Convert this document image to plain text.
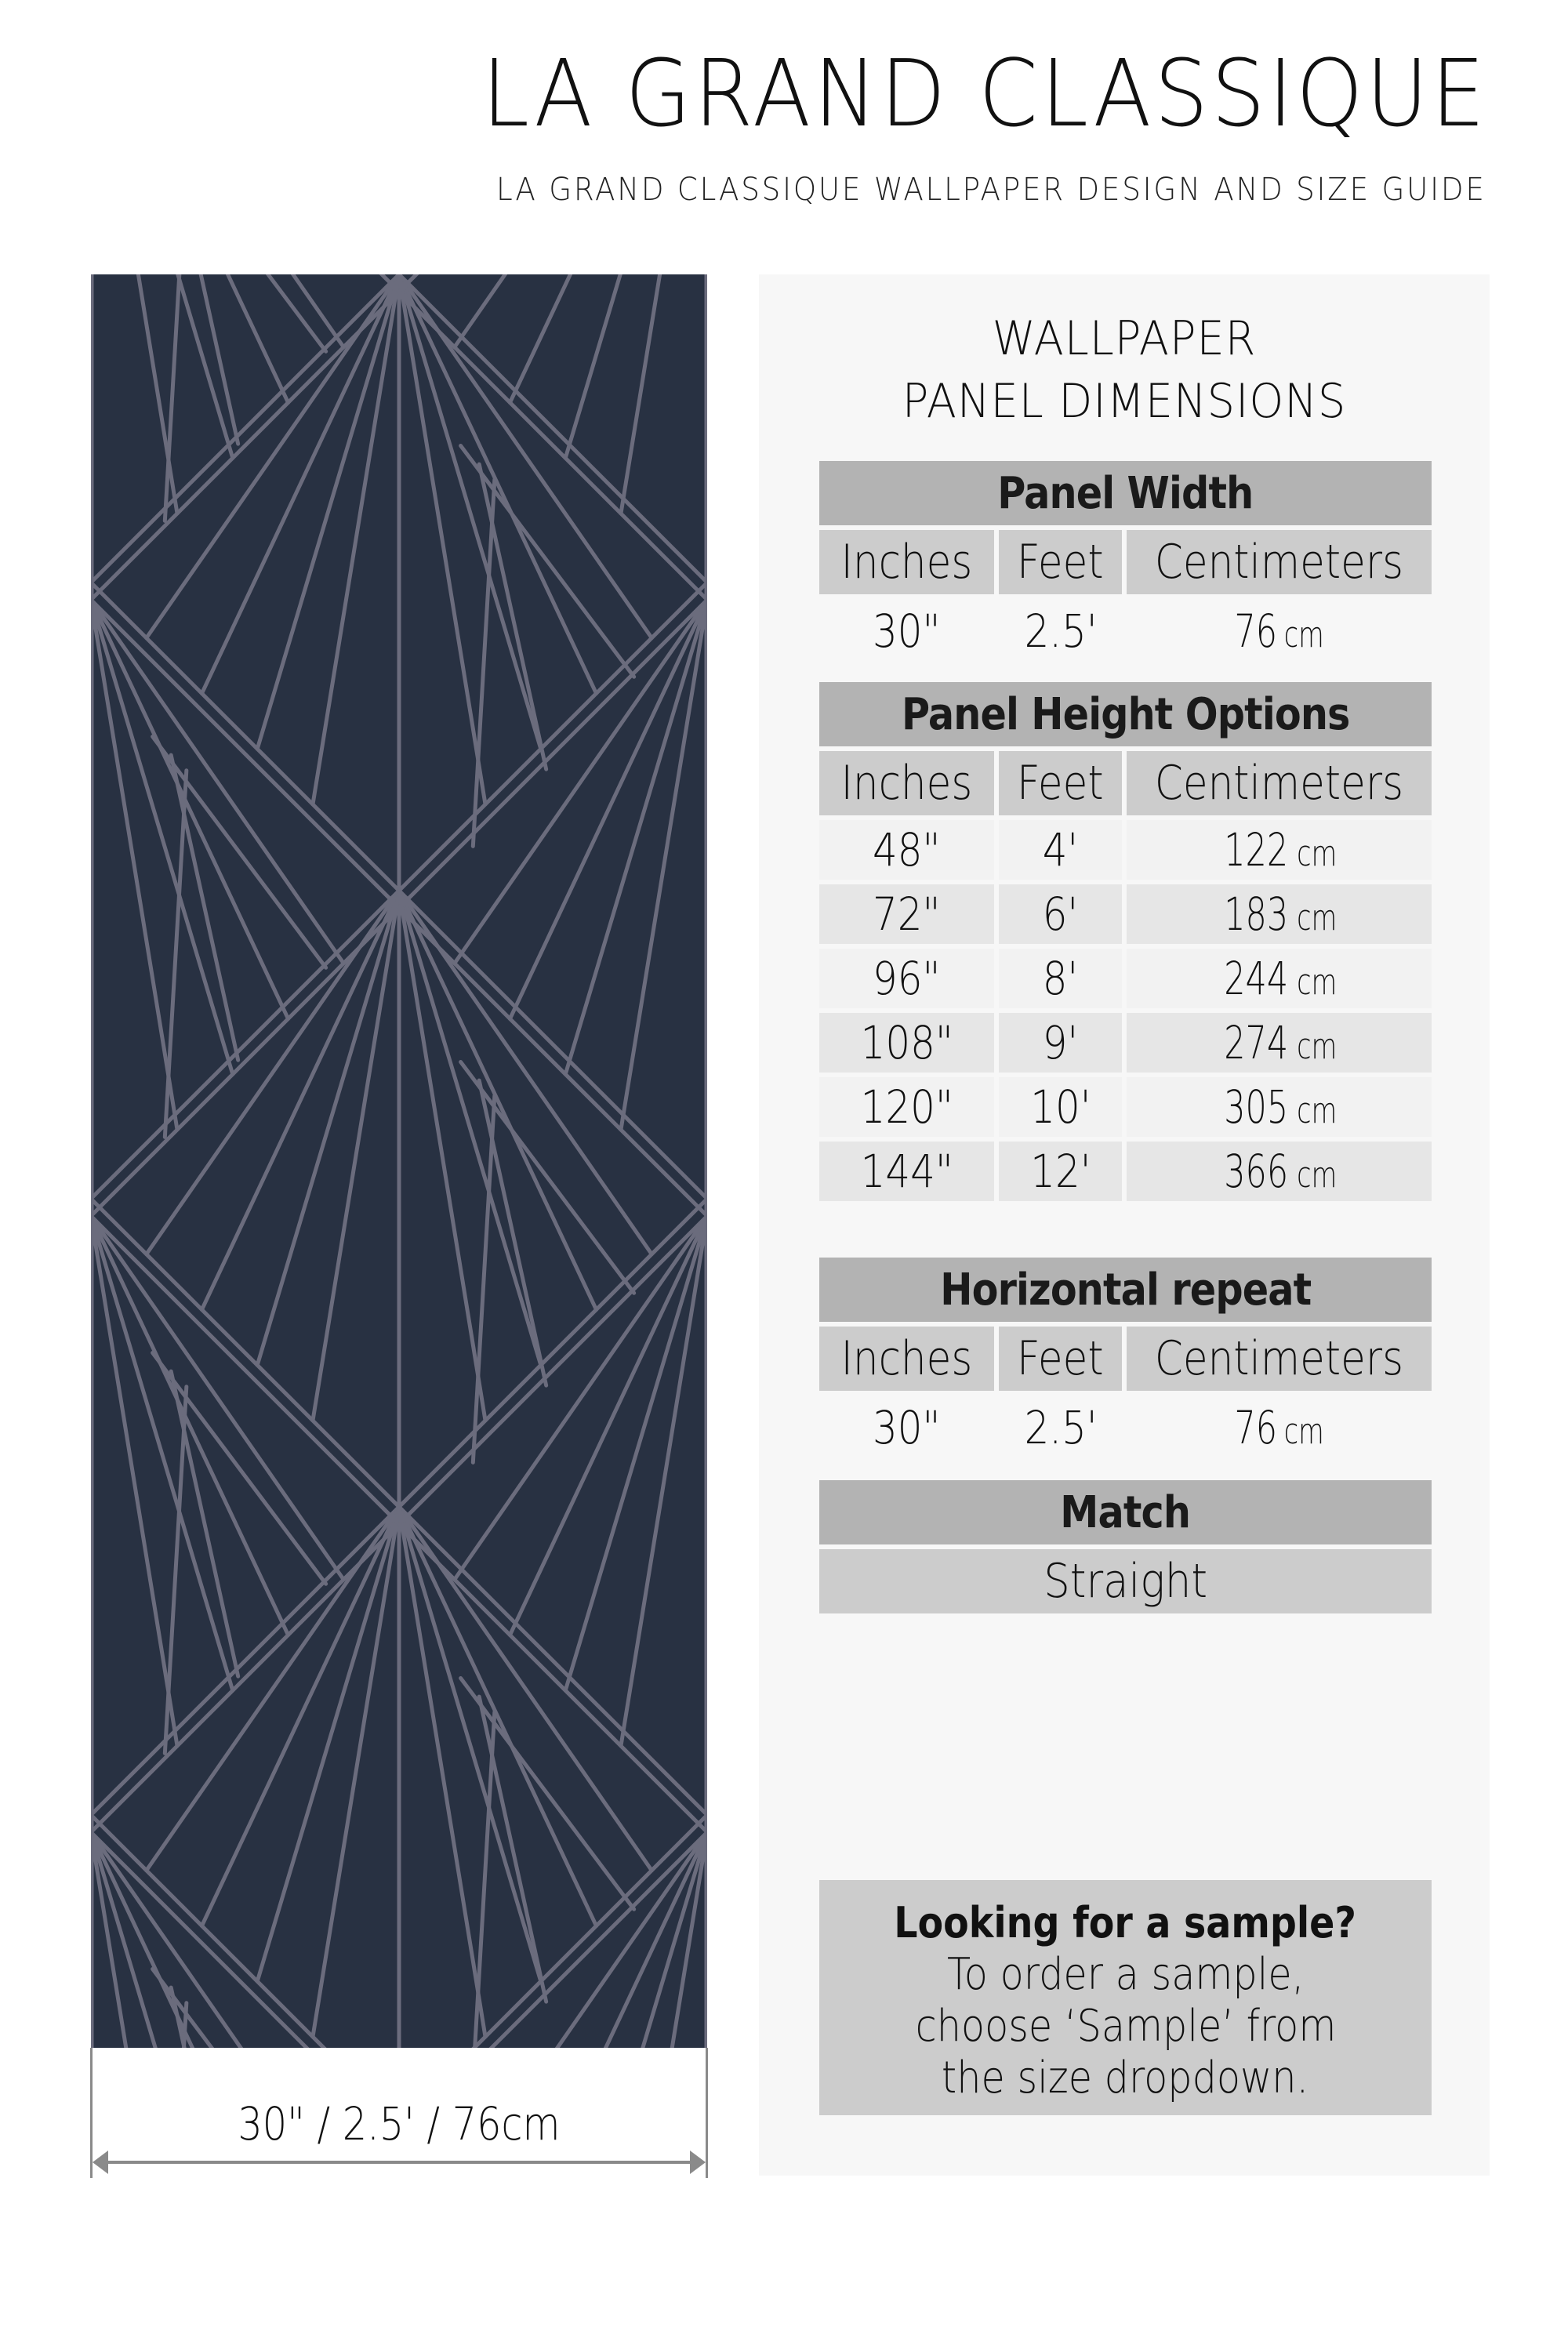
LA GRAND CLASSIQUE
LA GRAND CLASSIQUE WALLPAPER DESIGN AND SIZE GUIDE
30" / 2.5' / 76cm
WALLPAPER
PANEL DIMENSIONS
Panel Width
Inches Feet Centimeters
30" 2.5'	76 cm
Panel Height Options
Inches Feet Centimeters
48" 4'	122 cm
72" 6'	183 cm
96" 8'	244 cm
108" 9'	274 cm
120" 10'	305 cm
144" 12'	366 cm
Horizontal repeat
Inches Feet Centimeters
30" 2.5'	76 cm
Match
Straight
Looking for a sample?
To order a sample,
choose ‘Sample’ from
the size dropdown.
